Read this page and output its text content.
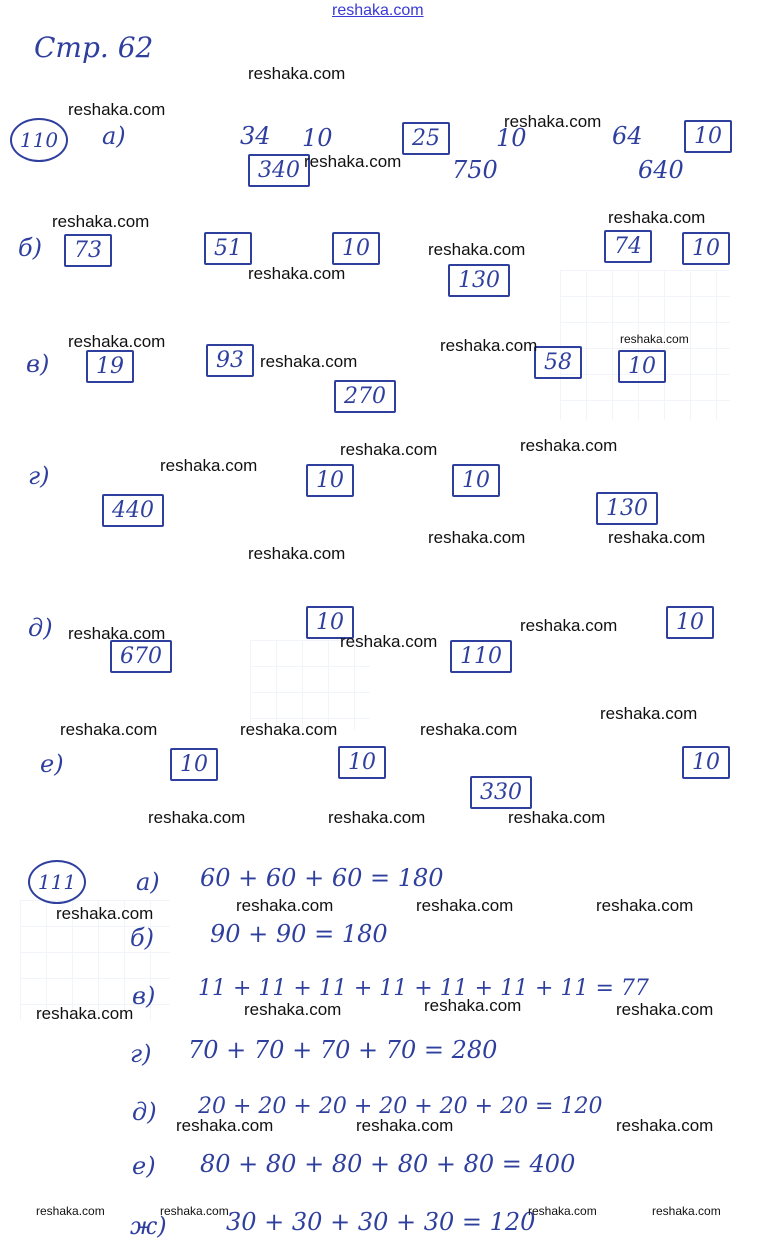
reshaka.com
Стр. 62
110	а)	34 10	25	10	64	10
340	750	640
б)	73	51	10	74	10
130
в)	19	93	58	10
270
г)	10	10
440	130
д)	10	10
670	110
е)	10	10	10
330
111	а) 60 + 60 + 60 = 180
б) 90 + 90 = 180
в) 11 + 11 + 11 + 11 + 11 + 11 + 11 = 77
г) 70 + 70 + 70 + 70 = 280
д) 20 + 20 + 20 + 20 + 20 + 20 = 120
е) 80 + 80 + 80 + 80 + 80 = 400
ж) 30 + 30 + 30 + 30 = 120
reshaka.com
reshaka.com
reshaka.com
reshaka.com
reshaka.com	reshaka.com
reshaka.com
reshaka.com
reshaka.com	reshaka.com	reshaka.com
reshaka.com
reshaka.com	reshaka.com
reshaka.com
reshaka.com	reshaka.com
reshaka.com
reshaka.com
reshaka.com	reshaka.com
reshaka.com
reshaka.com	reshaka.com	reshaka.com
reshaka.com	reshaka.com	reshaka.com
reshaka.com	reshaka.com	reshaka.com
reshaka.com
reshaka.com
reshaka.com	reshaka.com
reshaka.com
reshaka.com	reshaka.com	reshaka.com
reshaka.com	reshaka.com	reshaka.com	reshaka.com
